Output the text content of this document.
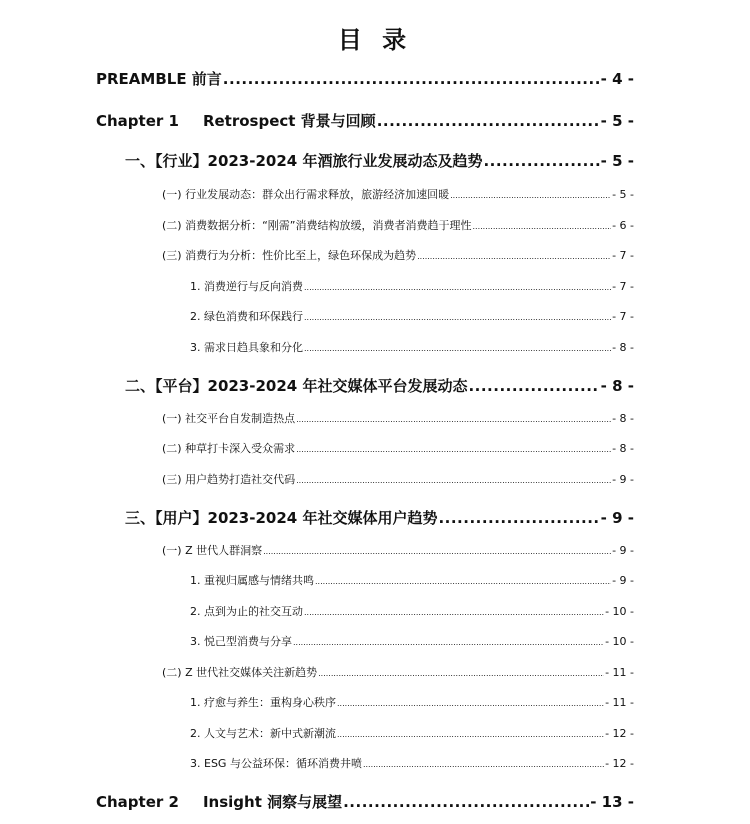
目 录
PREAMBLE 前言 .....	- 4 -
Chapter 1 Retrospect 背景与回顾 .....	- 5 -
一、【行业】2023-2024 年酒旅行业发展动态及趋势 .....	- 5 -
(一) 行业发展动态：群众出行需求释放，旅游经济加速回暖 .....	- 5 -
(二) 消费数据分析：“刚需”消费结构放缓，消费者消费趋于理性 .....	- 6 -
(三) 消费行为分析：性价比至上，绿色环保成为趋势 .....	- 7 -
1. 消费逆行与反向消费 .....	- 7 -
2. 绿色消费和环保践行 .....	- 7 -
3. 需求日趋具象和分化 .....	- 8 -
二、【平台】2023-2024 年社交媒体平台发展动态 .....	- 8 -
(一) 社交平台自发制造热点 .....	- 8 -
(二) 种草打卡深入受众需求 .....	- 8 -
(三) 用户趋势打造社交代码 .....	- 9 -
三、【用户】2023-2024 年社交媒体用户趋势 .....	- 9 -
(一) Z 世代人群洞察 .....	- 9 -
1. 重视归属感与情绪共鸣 .....	- 9 -
2. 点到为止的社交互动 .....	- 10 -
3. 悦己型消费与分享 .....	- 10 -
(二) Z 世代社交媒体关注新趋势 .....	- 11 -
1. 疗愈与养生：重构身心秩序 .....	- 11 -
2. 人文与艺术：新中式新潮流 .....	- 12 -
3. ESG 与公益环保：循环消费井喷 .....	- 12 -
Chapter 2 Insight 洞察与展望 .....	- 13 -
